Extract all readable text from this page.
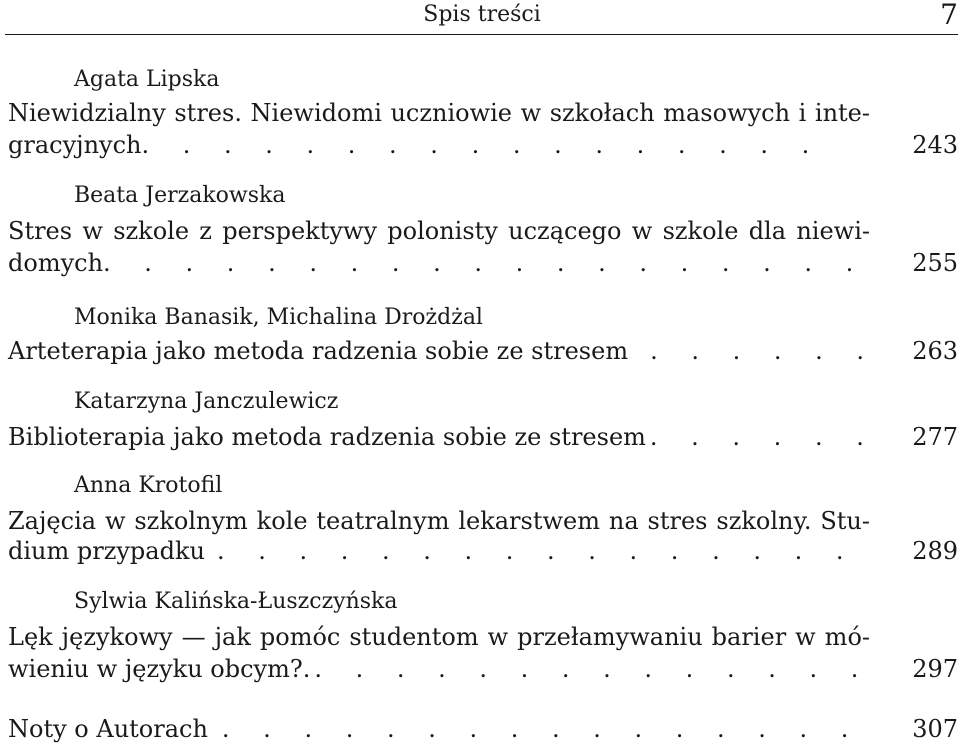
Spis treści	7
Agata Lipska
Niewidzialny stres. Niewidomi uczniowie w szkołach masowych i inte-
gracyjnych. . . . . . . . . . . . . . . . .	243
Beata Jerzakowska
Stres w szkole z perspektywy polonisty uczącego w szkole dla niewi-
domych. . . . . . . . . . . . . . . . . . . 255
Monika Banasik, Michalina Drożdżal
Arteterapia jako metoda radzenia sobie ze stresem . . . . . . 263
Katarzyna Janczulewicz
Biblioterapia jako metoda radzenia sobie ze stresem . . . . . . 277
Anna Krotofil
Zajęcia w szkolnym kole teatralnym lekarstwem na stres szkolny. Stu-
dium przypadku . . . . . . . . . . . . . . . . 289
Sylwia Kalińska-Łuszczyńska
Lęk językowy — jak pomóc studentom w przełamywaniu barier w mó-
wieniu w języku obcym?. . . . . . . . . . . . . . . 297
Noty o Autorach . . . . . . . . . . . . . . . . 307
